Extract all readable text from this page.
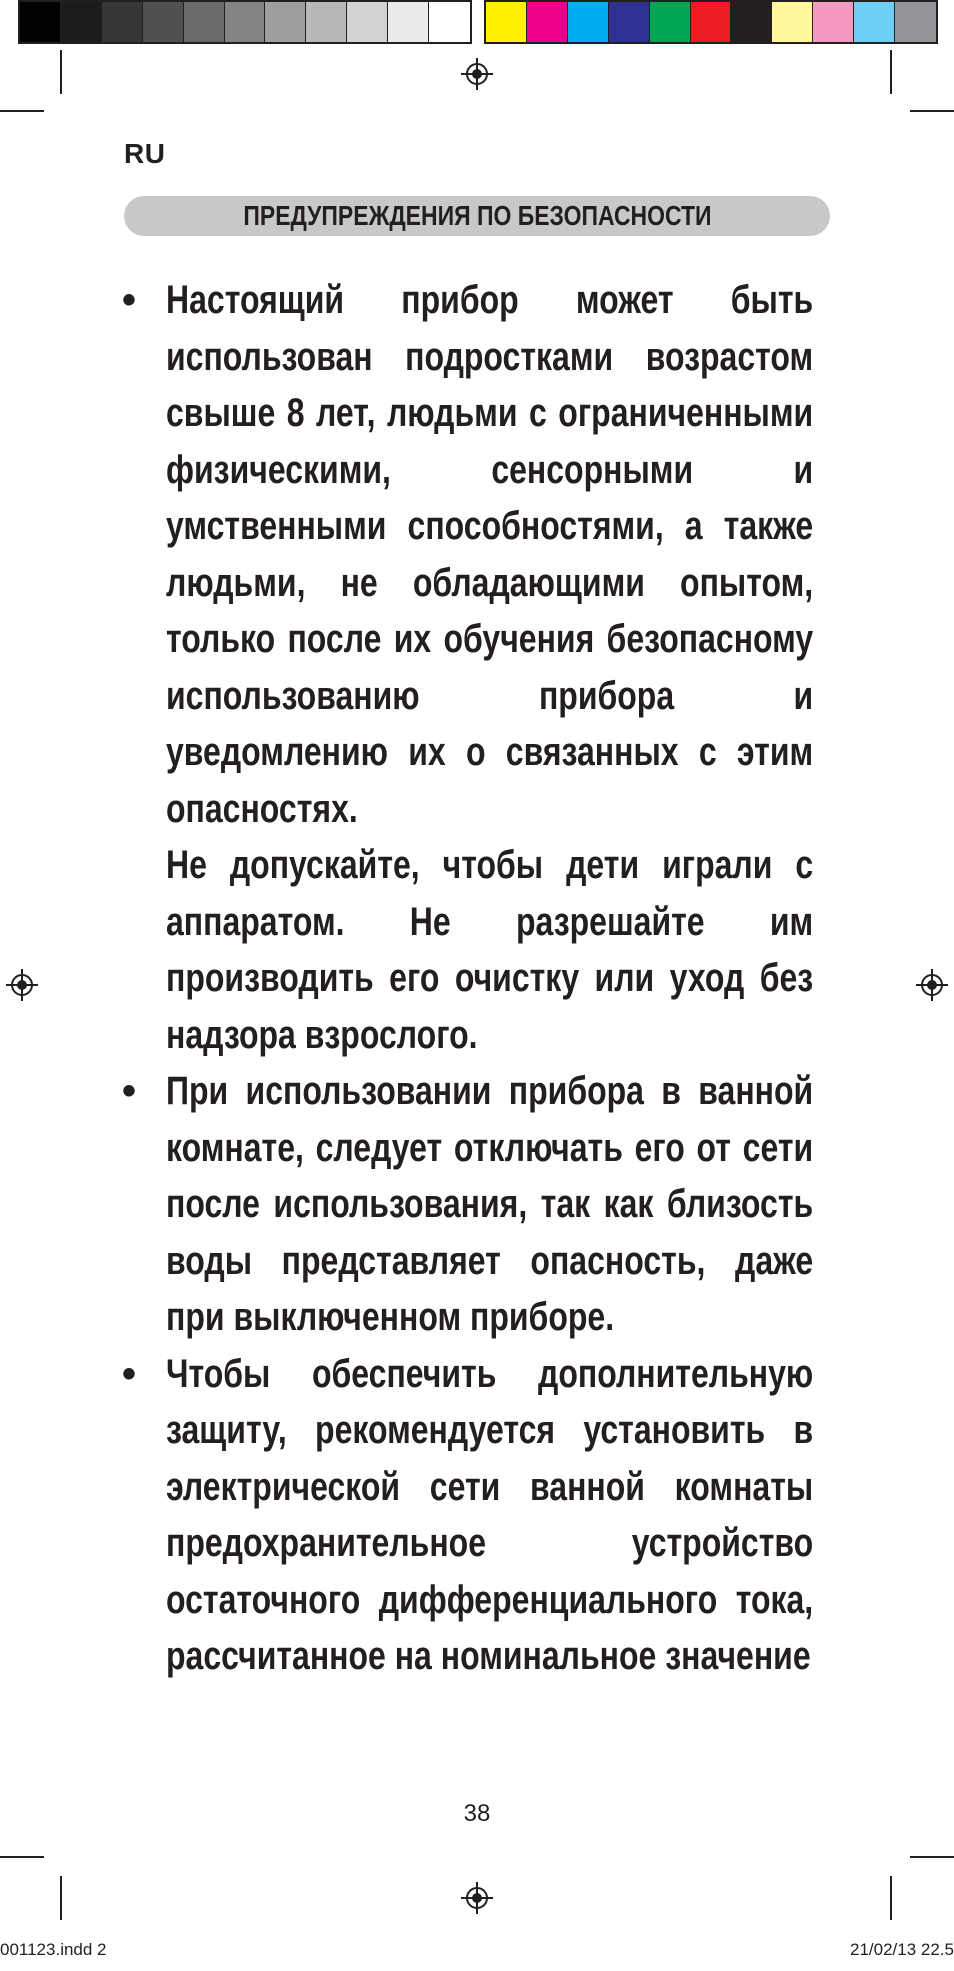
RU
ПРЕДУПРЕЖДЕНИЯ ПО БЕЗОПАСНОСТИ
• Настоящий прибор может быть использован подростками возрастом свыше 8 лет, людьми с ограниченными физическими, сенсорными и умственными способностями, а также людьми, не обладающими опытом, только после их обучения безопасному использованию прибора и уведомлению их о связанных с этим опасностях.

Не допускайте, чтобы дети играли с аппаратом. Не разрешайте им производить его очистку или уход без надзора взрослого.

• При использовании прибора в ванной комнате, следует отключать его от сети после использования, так как близость воды представляет опасность, даже при выключенном приборе.

• Чтобы обеспечить дополнительную защиту, рекомендуется установить в электрической сети ванной комнаты предохранительное устройство остаточного дифференциального тока, рассчитанное на номинальное значение

38
001123.indd 2	21/02/13 22.5
